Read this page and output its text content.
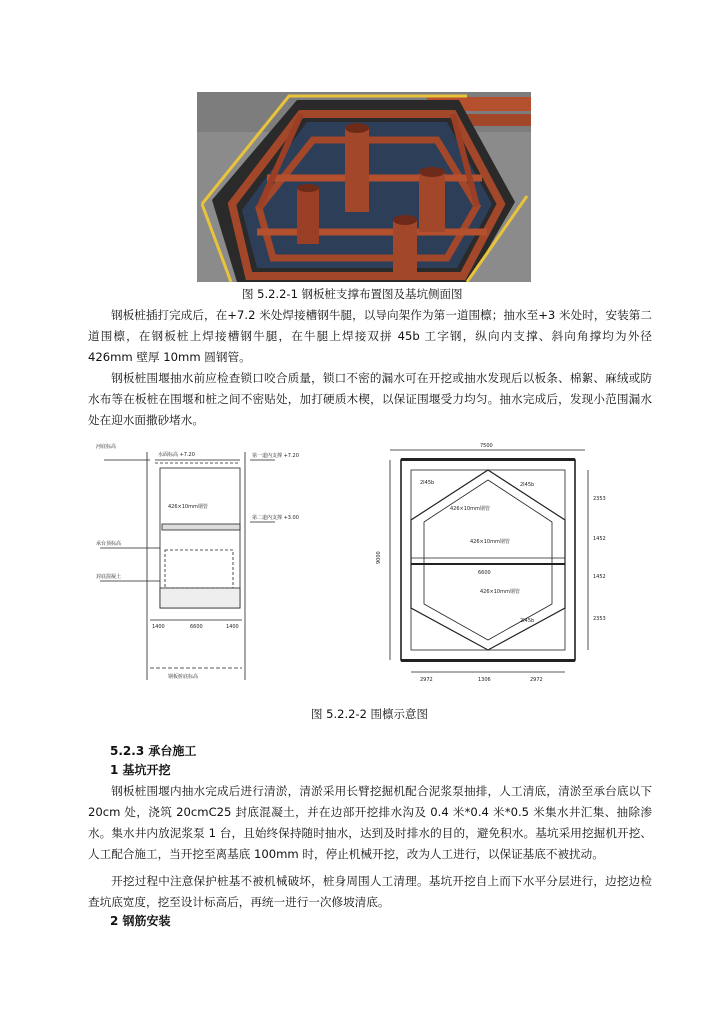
图 5.2.2-1 钢板桩支撑布置图及基坑侧面图
钢板桩插打完成后，在+7.2 米处焊接槽钢牛腿，以导向架作为第一道围檩；抽水至+3 米处时，安装第二道围檩，在钢板桩上焊接槽钢牛腿，在牛腿上焊接双拼 45b 工字钢，纵向内支撑、斜向角撑均为外径 426mm 壁厚 10mm 圆钢管。
钢板桩围堰抽水前应检查锁口咬合质量，锁口不密的漏水可在开挖或抽水发现后以板条、棉絮、麻绒或防水布等在板桩在围堰和桩之间不密贴处，加打硬质木楔，以保证围堰受力均匀。抽水完成后，发现小范围漏水处在迎水面撒砂堵水。
河底标高
水面标高 +7.20	第一道内支撑 +7.20
第二道内支撑 +3.00
426×10mm钢管
承台顶标高
封底混凝土
1400	6600	1400
钢板桩底标高
7500
9000
2I45b
2I45b
2I45b
426×10mm钢管
426×10mm钢管
426×10mm钢管
6600
2353
1452
1452
2353
2972	1306	2972
图 5.2.2-2 围檩示意图
5.2.3 承台施工
1 基坑开挖
钢板桩围堰内抽水完成后进行清淤，清淤采用长臂挖掘机配合泥浆泵抽排，人工清底，清淤至承台底以下 20cm 处，浇筑 20cmC25 封底混凝土，并在边部开挖排水沟及 0.4 米*0.4 米*0.5 米集水井汇集、抽除渗水。集水井内放泥浆泵 1 台，且始终保持随时抽水，达到及时排水的目的，避免积水。基坑采用挖掘机开挖、人工配合施工，当开挖至离基底 100mm 时，停止机械开挖，改为人工进行，以保证基底不被扰动。
开挖过程中注意保护桩基不被机械破坏，桩身周围人工清理。基坑开挖自上而下水平分层进行，边挖边检查坑底宽度，挖至设计标高后，再统一进行一次修坡清底。
2 钢筋安装
